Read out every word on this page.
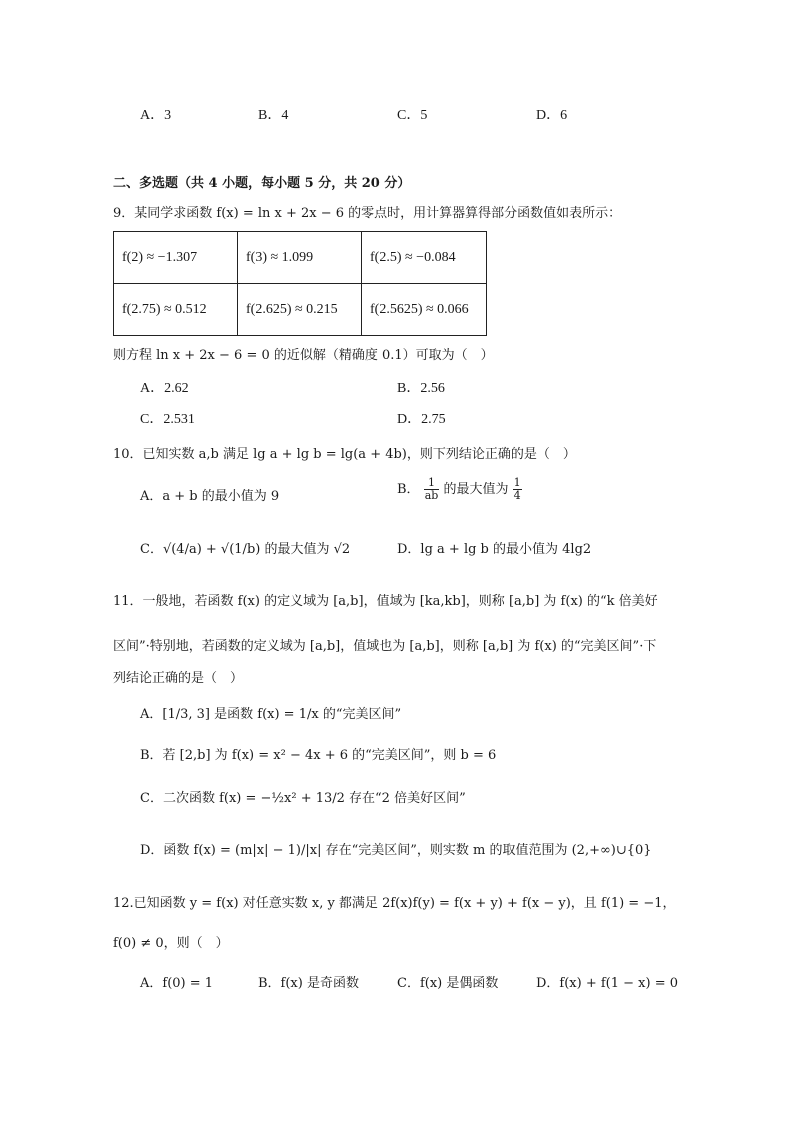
A．3	B．4	C．5	D．6
二、多选题（共 4 小题，每小题 5 分，共 20 分）
9．某同学求函数 f(x) = ln x + 2x − 6 的零点时，用计算器算得部分函数值如表所示：
f(2) ≈ −1.307	f(3) ≈ 1.099	f(2.5) ≈ −0.084
f(2.75) ≈ 0.512	f(2.625) ≈ 0.215	f(2.5625) ≈ 0.066
则方程 ln x + 2x − 6 = 0 的近似解（精确度 0.1）可取为（　）
A．2.62	B．2.56
C．2.531	D．2.75
10．已知实数 a,b 满足 lg a + lg b = lg(a + 4b)，则下列结论正确的是（　）
A．a + b 的最小值为 9	B． $\frac{1}{ab}$ 的最大值为 $\frac{1}{4}$
C．√(4/a) + √(1/b) 的最大值为 √2	D．lg a + lg b 的最小值为 4lg2
11．一般地，若函数 f(x) 的定义域为 [a,b]，值域为 [ka,kb]，则称 [a,b] 为 f(x) 的“k 倍美好
区间”·特别地，若函数的定义域为 [a,b]，值域也为 [a,b]，则称 [a,b] 为 f(x) 的“完美区间”·下
列结论正确的是（　）
A．[1/3, 3] 是函数 f(x) = 1/x 的“完美区间”
B．若 [2,b] 为 f(x) = x² − 4x + 6 的“完美区间”，则 b = 6
C．二次函数 f(x) = −½x² + 13/2 存在“2 倍美好区间”
D．函数 f(x) = (m|x| − 1)/|x| 存在“完美区间”，则实数 m 的取值范围为 (2,+∞)∪{0}
12.已知函数 y = f(x) 对任意实数 x, y 都满足 2f(x)f(y) = f(x + y) + f(x − y)，且 f(1) = −1，
f(0) ≠ 0，则（　）
A．f(0) = 1	B．f(x) 是奇函数	C．f(x) 是偶函数	D．f(x) + f(1 − x) = 0
